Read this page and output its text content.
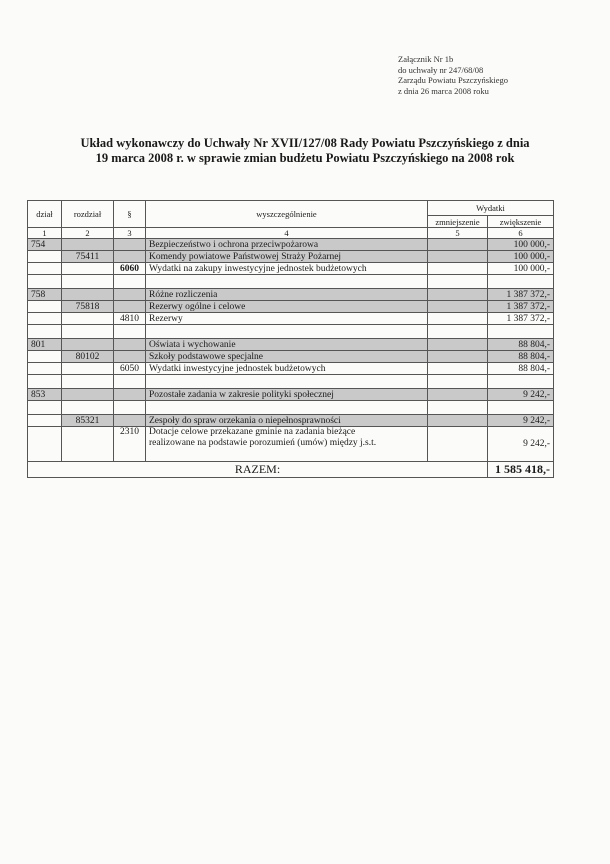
Załącznik Nr 1b
do uchwały nr 247/68/08
Zarządu Powiatu Pszczyńskiego
z dnia 26 marca 2008 roku
Układ wykonawczy do Uchwały Nr XVII/127/08 Rady Powiatu Pszczyńskiego z dnia
19 marca 2008 r. w sprawie zmian budżetu Powiatu Pszczyńskiego na 2008 rok
dział	rozdział	§	wyszczególnienie	Wydatki	
				zmniejszenie	zwiększenie
1	2	3	4	5	6
754			Bezpieczeństwo i ochrona przeciwpożarowa		100 000,-
	75411		Komendy powiatowe Państwowej Straży Pożarnej		100 000,-
		6060	Wydatki na zakupy inwestycyjne jednostek budżetowych		100 000,-

758			Różne rozliczenia		1 387 372,-
	75818		Rezerwy ogólne i celowe		1 387 372,-
		4810	Rezerwy		1 387 372,-

801			Oświata i wychowanie		88 804,-
	80102		Szkoły podstawowe specjalne		88 804,-
		6050	Wydatki inwestycyjne jednostek budżetowych		88 804,-

853			Pozostałe zadania w zakresie polityki społecznej		9 242,-

	85321		Zespoły do spraw orzekania o niepełnosprawności		9 242,-
		2310	Dotacje celowe przekazane gminie na zadania bieżące
realizowane na podstawie porozumień (umów) między j.s.t.		9 242,-
RAZEM:					1 585 418,-
